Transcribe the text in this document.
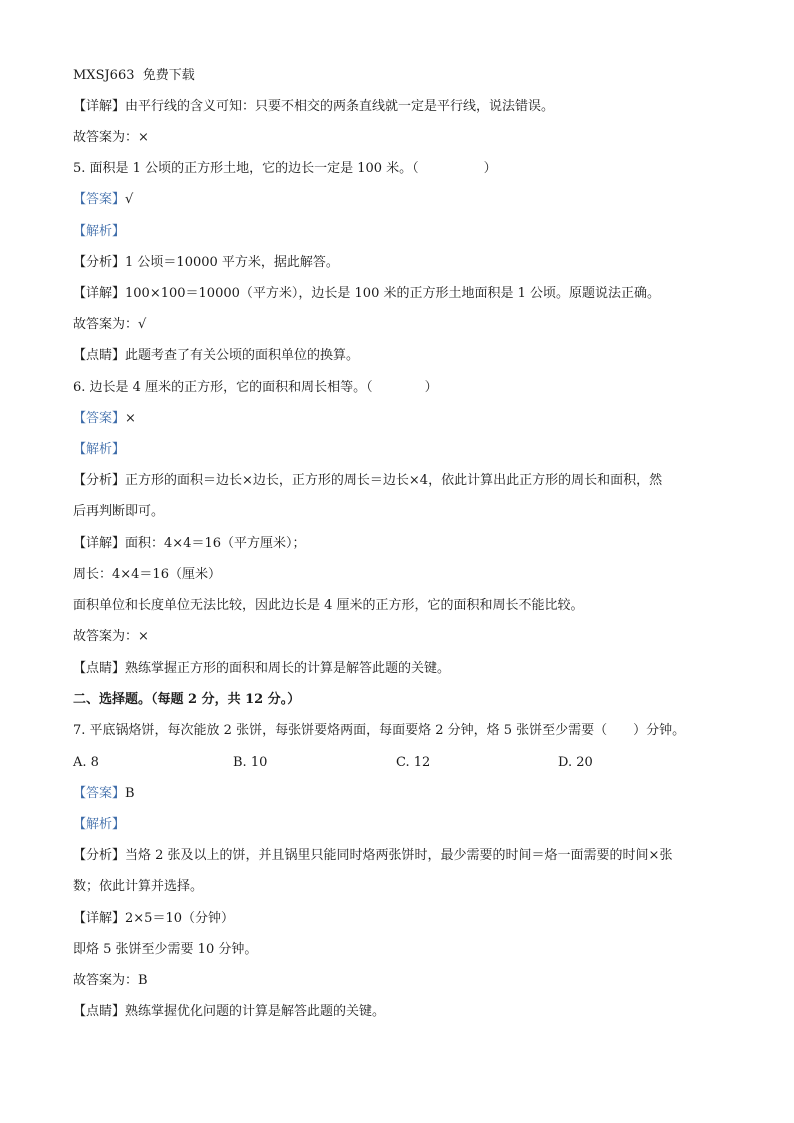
MXSJ663 免费下载
【详解】由平行线的含义可知：只要不相交的两条直线就一定是平行线，说法错误。
故答案为：×
5. 面积是 1 公顷的正方形土地，它的边长一定是 100 米。（　　　　　）
【答案】√
【解析】
【分析】1 公顷＝10000 平方米，据此解答。
【详解】100×100＝10000（平方米），边长是 100 米的正方形土地面积是 1 公顷。原题说法正确。
故答案为：√
【点睛】此题考查了有关公顷的面积单位的换算。
6. 边长是 4 厘米的正方形，它的面积和周长相等。（　　　　）
【答案】×
【解析】
【分析】正方形的面积＝边长×边长，正方形的周长＝边长×4，依此计算出此正方形的周长和面积，然
后再判断即可。
【详解】面积：4×4＝16（平方厘米）；
周长：4×4＝16（厘米）
面积单位和长度单位无法比较，因此边长是 4 厘米的正方形，它的面积和周长不能比较。
故答案为：×
【点睛】熟练掌握正方形的面积和周长的计算是解答此题的关键。
二、选择题。（每题 2 分，共 12 分。）
7. 平底锅烙饼，每次能放 2 张饼，每张饼要烙两面，每面要烙 2 分钟，烙 5 张饼至少需要（　　）分钟。
A. 8	B. 10	C. 12	D. 20
【答案】B
【解析】
【分析】当烙 2 张及以上的饼，并且锅里只能同时烙两张饼时，最少需要的时间＝烙一面需要的时间×张
数；依此计算并选择。
【详解】2×5＝10（分钟）
即烙 5 张饼至少需要 10 分钟。
故答案为：B
【点睛】熟练掌握优化问题的计算是解答此题的关键。
